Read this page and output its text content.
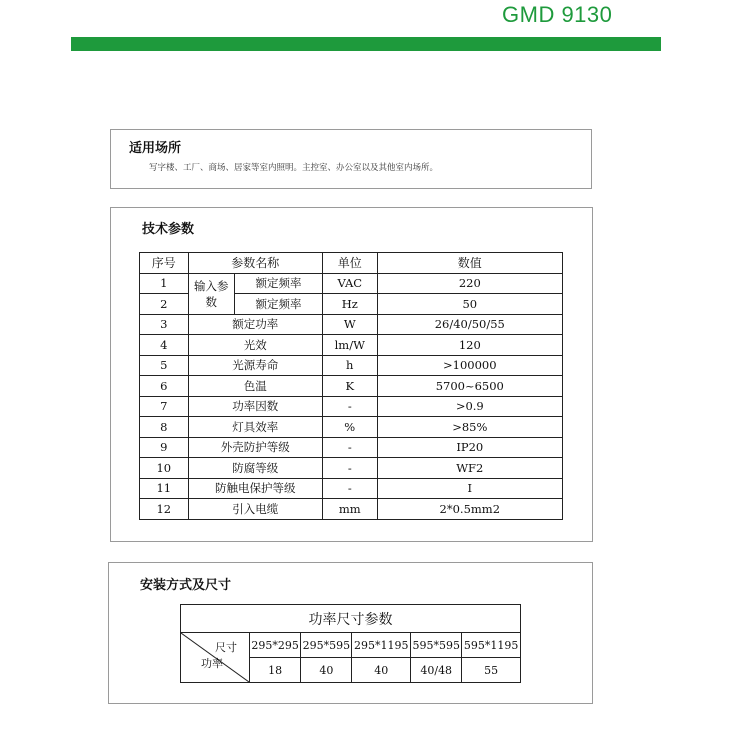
GMD 9130
适用场所
写字楼、工厂、商场、居家等室内照明。主控室、办公室以及其他室内场所。
技术参数
序号	参数名称		单位	数值
1	输入参数	额定频率	VAC	220
2		额定频率	Hz	50
3	额定功率		W	26/40/50/55
4	光效		lm/W	120
5	光源寿命		h	>100000
6	色温		K	5700~6500
7	功率因数		-	>0.9
8	灯具效率		%	>85%
9	外壳防护等级		-	IP20
10	防腐等级		-	WF2
11	防触电保护等级		-	I
12	引入电缆		mm	2*0.5mm2
安装方式及尺寸
功率尺寸参数					

尺寸
功率	295*295	295*595	295*1195	595*595	595*1195
	18	40	40	40/48	55
